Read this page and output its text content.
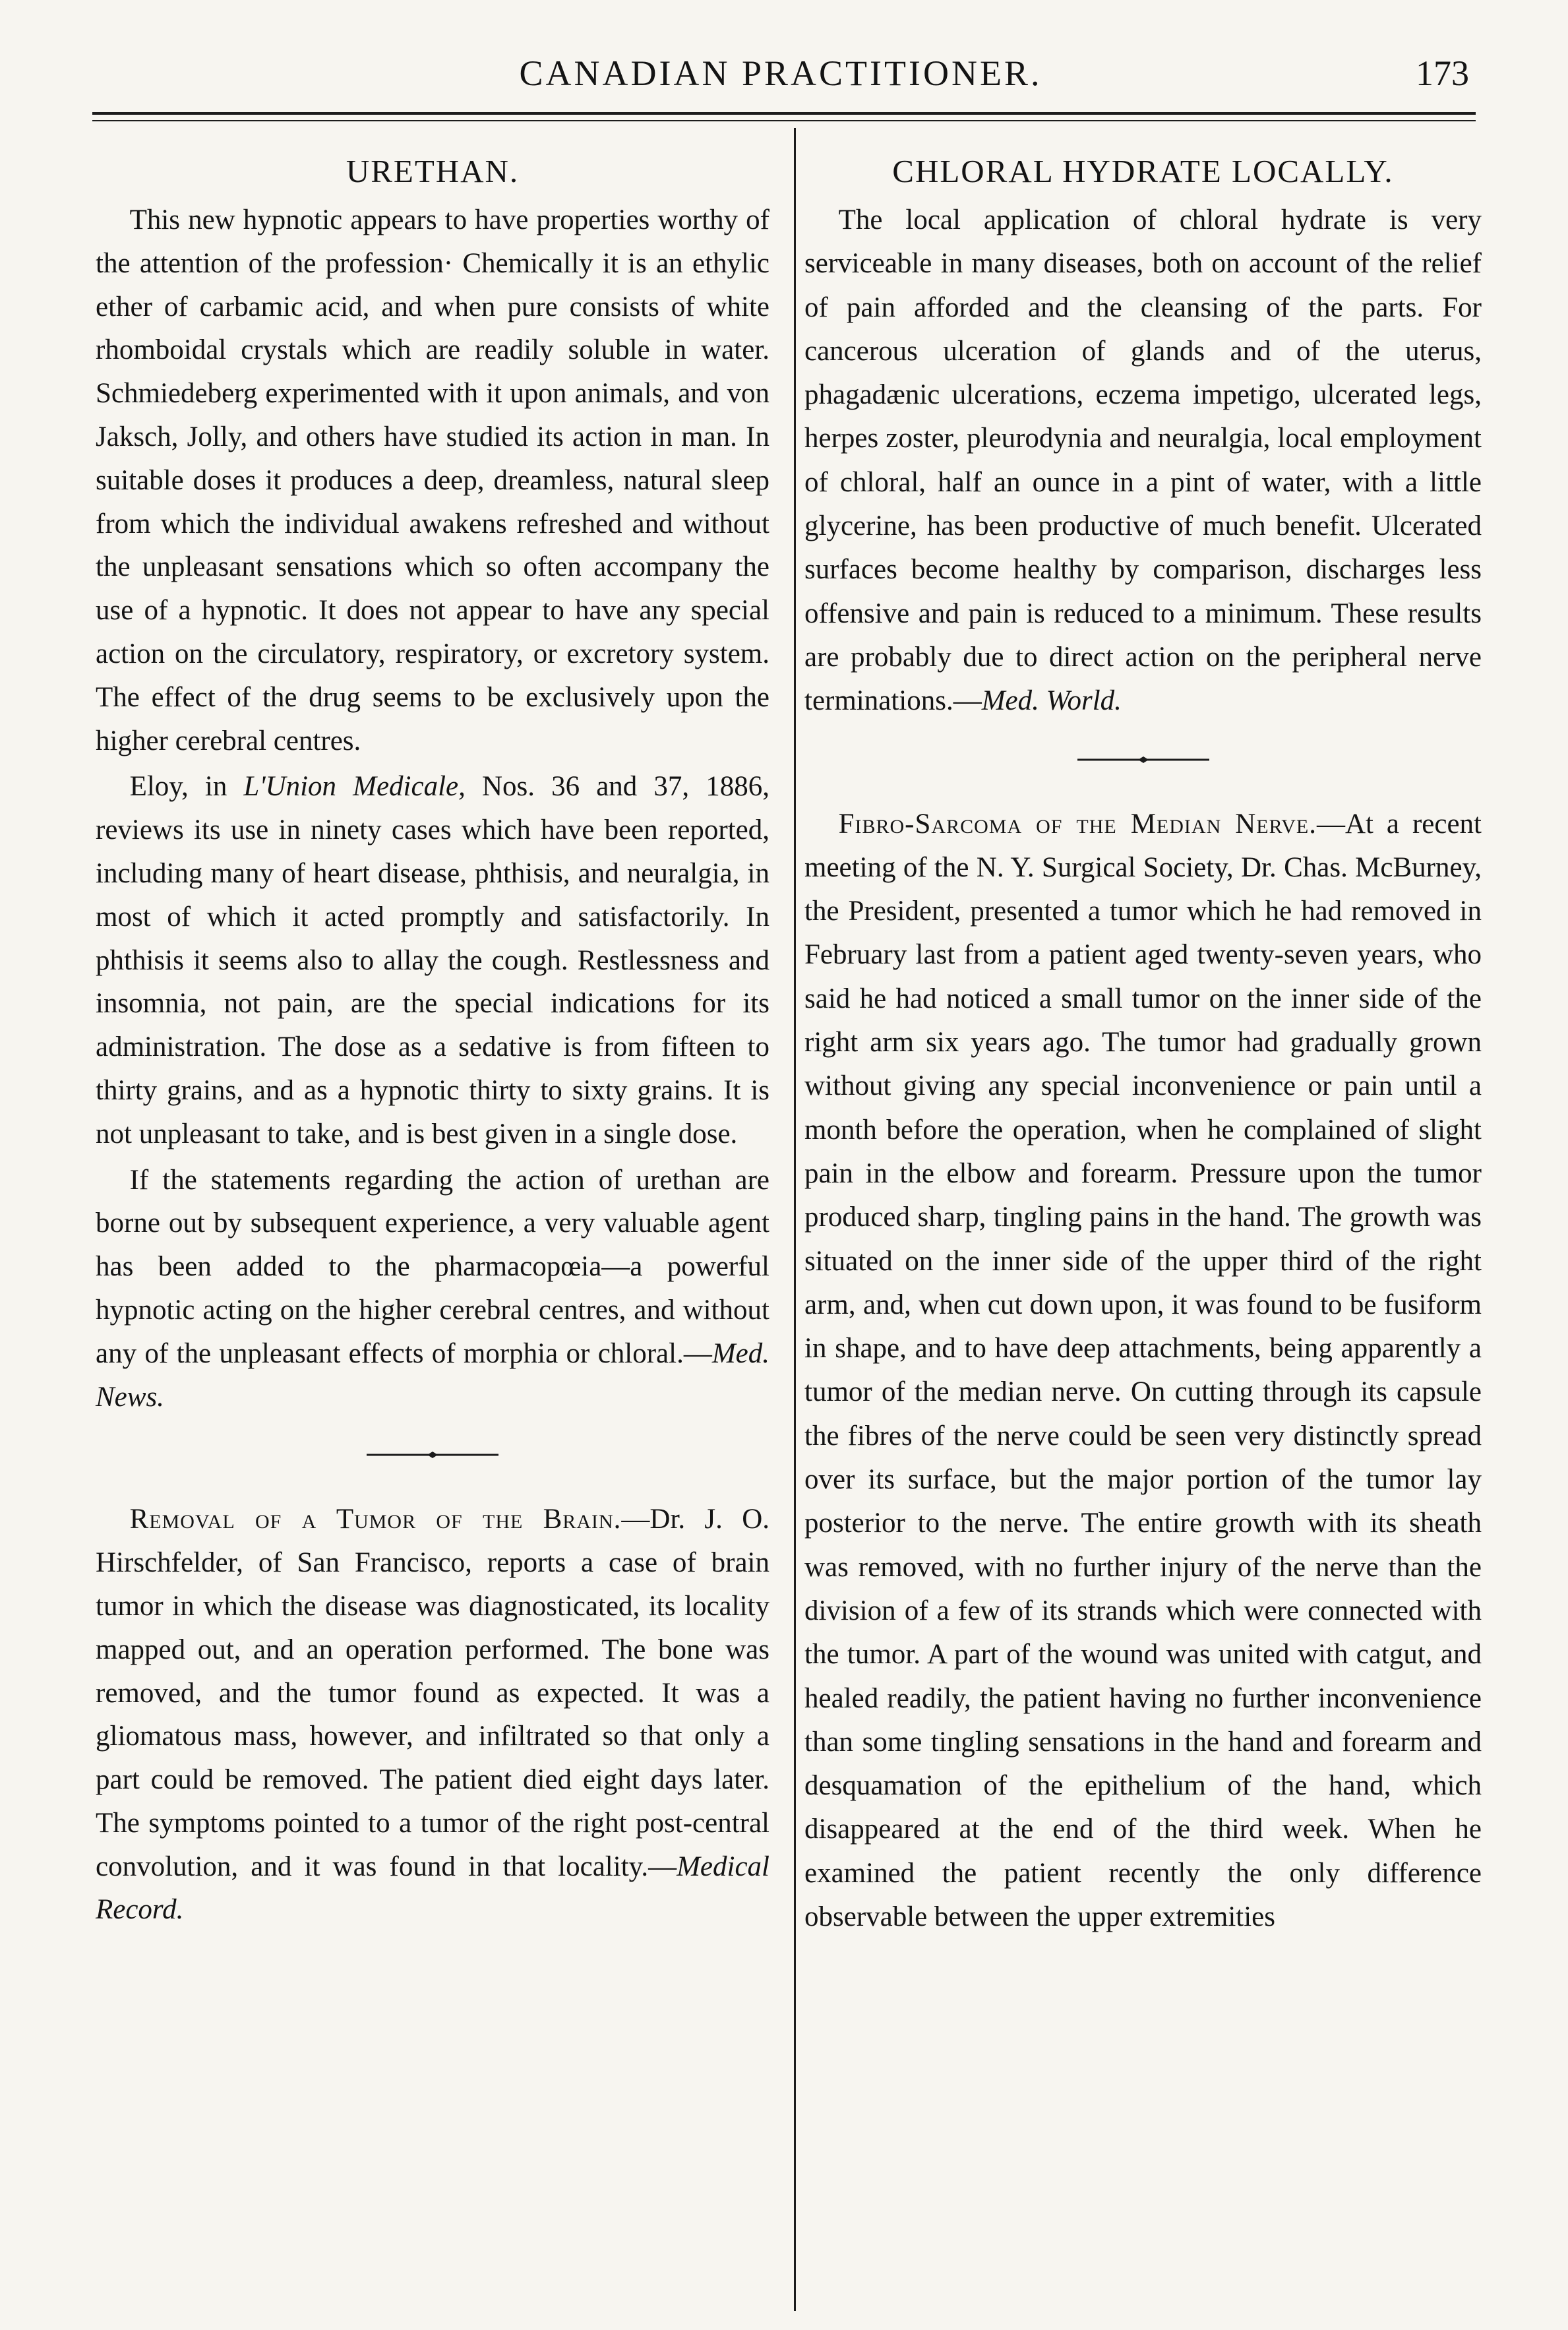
CANADIAN PRACTITIONER.	173
URETHAN.

This new hypnotic appears to have properties worthy of the attention of the profession· Chemically it is an ethylic ether of carbamic acid, and when pure consists of white rhomboidal crystals which are readily soluble in water. Schmiedeberg experimented with it upon animals, and von Jaksch, Jolly, and others have studied its action in man. In suitable doses it produces a deep, dreamless, natural sleep from which the individual awakens refreshed and without the unpleasant sensations which so often accompany the use of a hypnotic. It does not appear to have any special action on the circulatory, respiratory, or excretory system. The effect of the drug seems to be exclusively upon the higher cerebral centres.

Eloy, in L'Union Medicale, Nos. 36 and 37, 1886, reviews its use in ninety cases which have been reported, including many of heart disease, phthisis, and neuralgia, in most of which it acted promptly and satisfactorily. In phthisis it seems also to allay the cough. Restlessness and insomnia, not pain, are the special indications for its administration. The dose as a sedative is from fifteen to thirty grains, and as a hypnotic thirty to sixty grains. It is not unpleasant to take, and is best given in a single dose.

If the statements regarding the action of urethan are borne out by subsequent experience, a very valuable agent has been added to the pharmacopœia—a powerful hypnotic acting on the higher cerebral centres, and without any of the unpleasant effects of morphia or chloral.—Med. News.

Removal of a Tumor of the Brain.—Dr. J. O. Hirschfelder, of San Francisco, reports a case of brain tumor in which the disease was diagnosticated, its locality mapped out, and an operation performed. The bone was removed, and the tumor found as expected. It was a gliomatous mass, however, and infiltrated so that only a part could be removed. The patient died eight days later. The symptoms pointed to a tumor of the right post-central convolution, and it was found in that locality.—Medical Record.

CHLORAL HYDRATE LOCALLY.

The local application of chloral hydrate is very serviceable in many diseases, both on account of the relief of pain afforded and the cleansing of the parts. For cancerous ulceration of glands and of the uterus, phagadænic ulcerations, eczema impetigo, ulcerated legs, herpes zoster, pleurodynia and neuralgia, local employment of chloral, half an ounce in a pint of water, with a little glycerine, has been productive of much benefit. Ulcerated surfaces become healthy by comparison, discharges less offensive and pain is reduced to a minimum. These results are probably due to direct action on the peripheral nerve terminations.—Med. World.

Fibro-Sarcoma of the Median Nerve.—At a recent meeting of the N. Y. Surgical Society, Dr. Chas. McBurney, the President, presented a tumor which he had removed in February last from a patient aged twenty-seven years, who said he had noticed a small tumor on the inner side of the right arm six years ago. The tumor had gradually grown without giving any special inconvenience or pain until a month before the operation, when he complained of slight pain in the elbow and forearm. Pressure upon the tumor produced sharp, tingling pains in the hand. The growth was situated on the inner side of the upper third of the right arm, and, when cut down upon, it was found to be fusiform in shape, and to have deep attachments, being apparently a tumor of the median nerve. On cutting through its capsule the fibres of the nerve could be seen very distinctly spread over its surface, but the major portion of the tumor lay posterior to the nerve. The entire growth with its sheath was removed, with no further injury of the nerve than the division of a few of its strands which were connected with the tumor. A part of the wound was united with catgut, and healed readily, the patient having no further inconvenience than some tingling sensations in the hand and forearm and desquamation of the epithelium of the hand, which disappeared at the end of the third week. When he examined the patient recently the only difference observable between the upper extremities
